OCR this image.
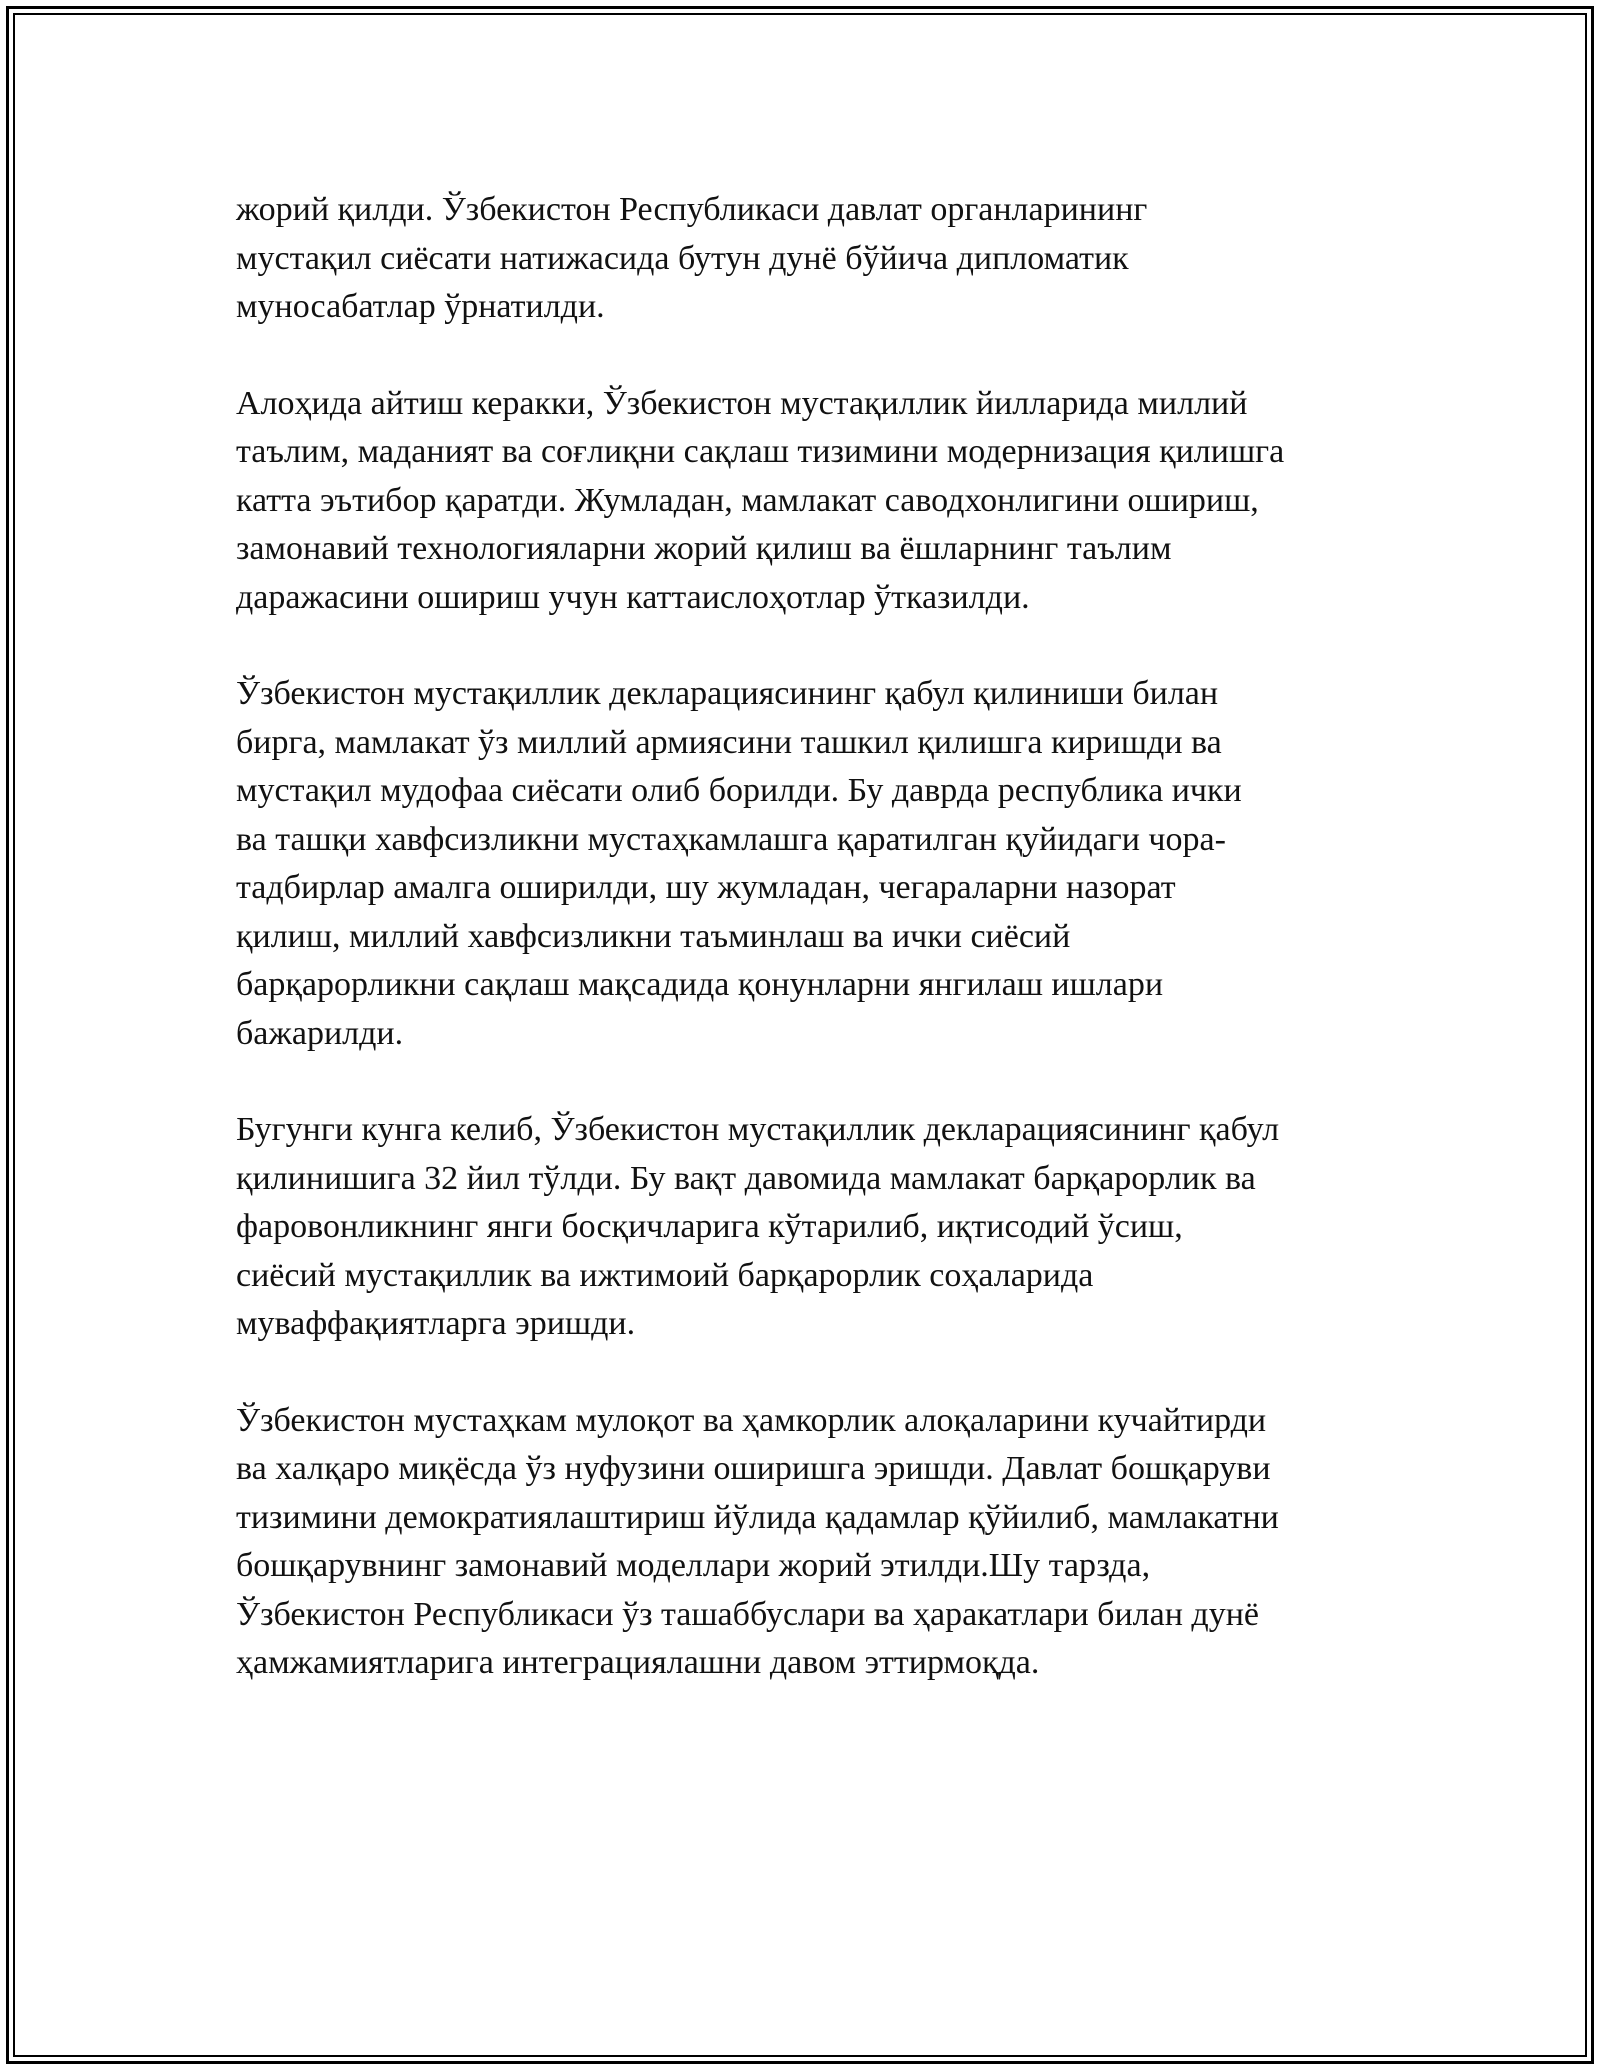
жорий қилди. Ўзбекистон Республикаси давлат органларининг
мустақил сиёсати натижасида бутун дунё бўйича дипломатик
муносабатлар ўрнатилди.

Алоҳида айтиш керакки, Ўзбекистон мустақиллик йилларида миллий
таълим, маданият ва соғлиқни сақлаш тизимини модернизация қилишга
катта эътибор қаратди. Жумладан, мамлакат саводхонлигини ошириш,
замонавий технологияларни жорий қилиш ва ёшларнинг таълим
даражасини ошириш учун каттаислоҳотлар ўтказилди.

Ўзбекистон мустақиллик декларациясининг қабул қилиниши билан
бирга, мамлакат ўз миллий армиясини ташкил қилишга киришди ва
мустақил мудофаа сиёсати олиб борилди. Бу даврда республика ички
ва ташқи хавфсизликни мустаҳкамлашга қаратилган қуйидаги чора-
тадбирлар амалга оширилди, шу жумладан, чегараларни назорат
қилиш, миллий хавфсизликни таъминлаш ва ички сиёсий
барқарорликни сақлаш мақсадида қонунларни янгилаш ишлари
бажарилди.

Бугунги кунга келиб, Ўзбекистон мустақиллик декларациясининг қабул
қилинишига 32 йил тўлди. Бу вақт давомида мамлакат барқарорлик ва
фаровонликнинг янги босқичларига кўтарилиб, иқтисодий ўсиш,
сиёсий мустақиллик ва ижтимоий барқарорлик соҳаларида
муваффақиятларга эришди.

Ўзбекистон мустаҳкам мулоқот ва ҳамкорлик алоқаларини кучайтирди
ва халқаро миқёсда ўз нуфузини оширишга эришди. Давлат бошқаруви
тизимини демократиялаштириш йўлида қадамлар қўйилиб, мамлакатни
бошқарувнинг замонавий моделлари жорий этилди.Шу тарзда,
Ўзбекистон Республикаси ўз ташаббуслари ва ҳаракатлари билан дунё
ҳамжамиятларига интеграциялашни давом эттирмоқда.
